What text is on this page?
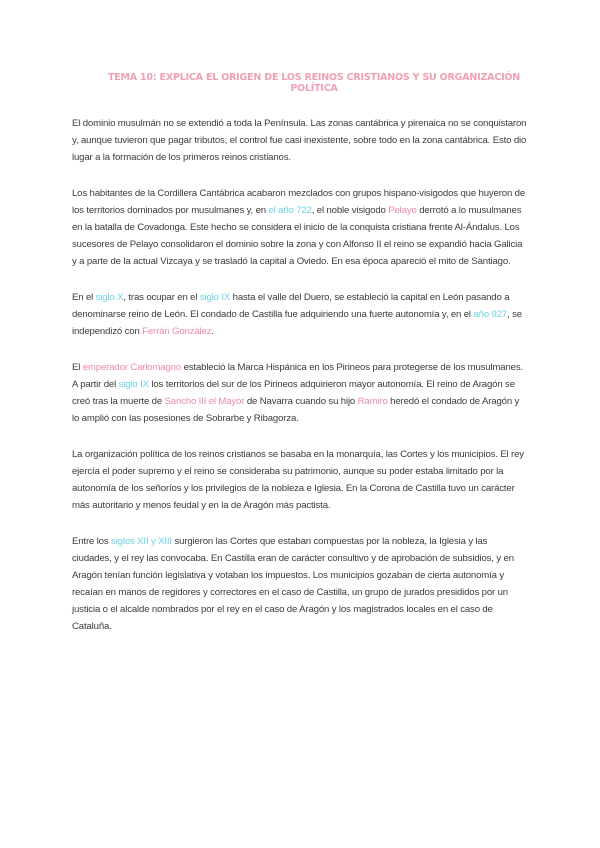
TEMA 10: EXPLICA EL ORIGEN DE LOS REINOS CRISTIANOS Y SU ORGANIZACIÓN POLÍTICA

El dominio musulmán no se extendió a toda la Península. Las zonas cantábrica y pirenaica no se conquistaron y, aunque tuvieron que pagar tributos, el control fue casi inexistente, sobre todo en la zona cantábrica. Esto dio lugar a la formación de los primeros reinos cristianos.

Los habitantes de la Cordillera Cantábrica acabaron mezclados con grupos hispano-visigodos que huyeron de los territorios dominados por musulmanes y, en el año 722, el noble visigodo Pelayo derrotó a lo musulmanes en la batalla de Covadonga. Este hecho se considera el inicio de la conquista cristiana frente Al-Ándalus. Los sucesores de Pelayo consolidaron el dominio sobre la zona y con Alfonso II el reino se expandió hacia Galicia y a parte de la actual Vizcaya y se trasladó la capital a Oviedo. En esa época apareció el mito de Santiago.

En el siglo X, tras ocupar en el siglo IX hasta el valle del Duero, se estableció la capital en León pasando a denominarse reino de León. El condado de Castilla fue adquiriendo una fuerte autonomía y, en el año 927, se independizó con Ferrán González.

El emperador Carlomagno estableció la Marca Hispánica en los Pirineos para protegerse de los musulmanes. A partir del siglo IX los territorios del sur de los Pirineos adquirieron mayor autonomía. El reino de Aragón se creó tras la muerte de Sancho III el Mayor de Navarra cuando su hijo Ramiro heredó el condado de Aragón y lo amplió con las posesiones de Sobrarbe y Ribagorza.

La organización política de los reinos cristianos se basaba en la monarquía, las Cortes y los municipios. El rey ejercía el poder supremo y el reino se consideraba su patrimonio, aunque su poder estaba limitado por la autonomía de los señoríos y los privilegios de la nobleza e Iglesia. En la Corona de Castilla tuvo un carácter más autoritario y menos feudal y en la de Aragón más pactista.

Entre los siglos XII y XIII surgieron las Cortes que estaban compuestas por la nobleza, la Iglesia y las ciudades, y el rey las convocaba. En Castilla eran de carácter consultivo y de aprobación de subsidios, y en Aragón tenían función legislativa y votaban los impuestos. Los municipios gozaban de cierta autonomía y recaían en manos de regidores y correctores en el caso de Castilla, un grupo de jurados presididos por un justicia o el alcalde nombrados por el rey en el caso de Aragón y los magistrados locales en el caso de Cataluña.
